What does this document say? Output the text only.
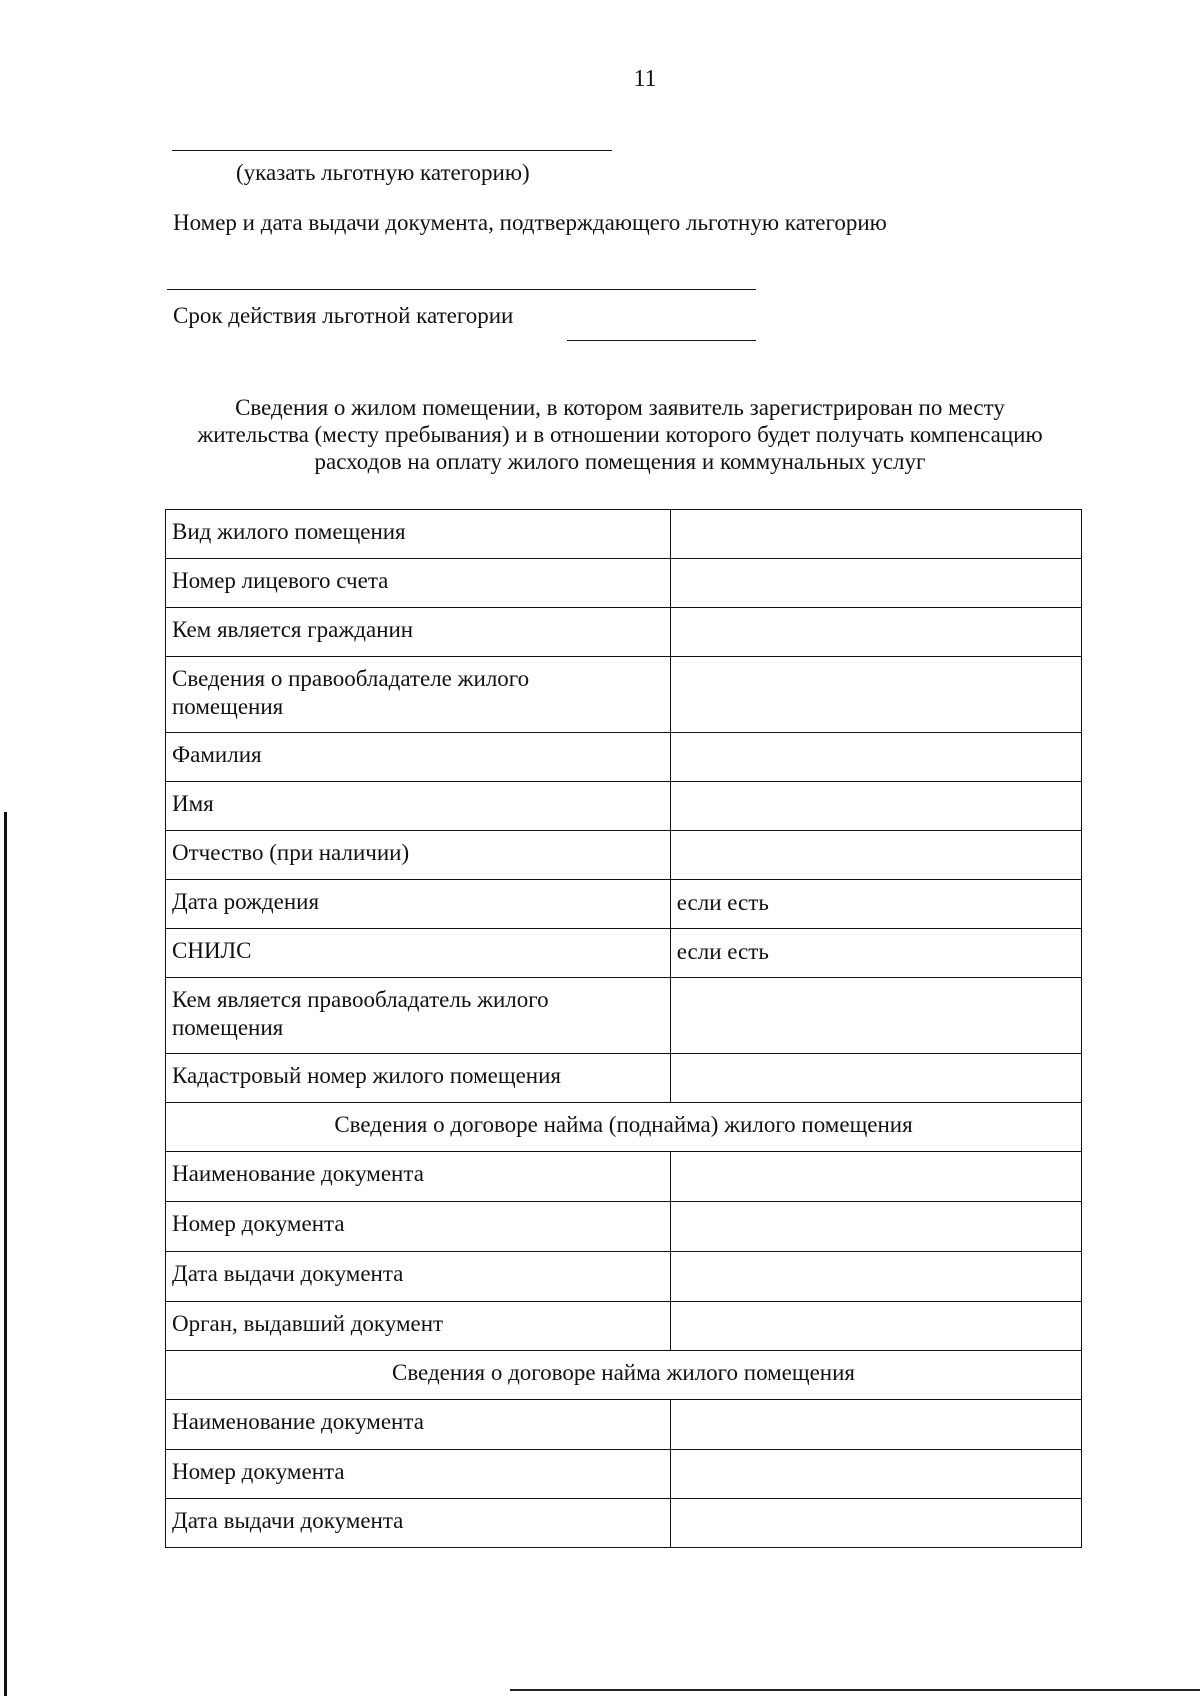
11
(указать льготную категорию)
Номер и дата выдачи документа, подтверждающего льготную категорию
Срок действия льготной категории
Сведения о жилом помещении, в котором заявитель зарегистрирован по месту
жительства (месту пребывания) и в отношении которого будет получать компенсацию
расходов на оплату жилого помещения и коммунальных услуг
Вид жилого помещения	
Номер лицевого счета	
Кем является гражданин	
Сведения о правообладателе жилого помещения	
Фамилия	
Имя	
Отчество (при наличии)	
Дата рождения	если есть
СНИЛС	если есть
Кем является правообладатель жилого помещения	
Кадастровый номер жилого помещения	
Сведения о договоре найма (поднайма) жилого помещения	
Наименование документа	
Номер документа	
Дата выдачи документа	
Орган, выдавший документ	
Сведения о договоре найма жилого помещения	
Наименование документа	
Номер документа	
Дата выдачи документа	
